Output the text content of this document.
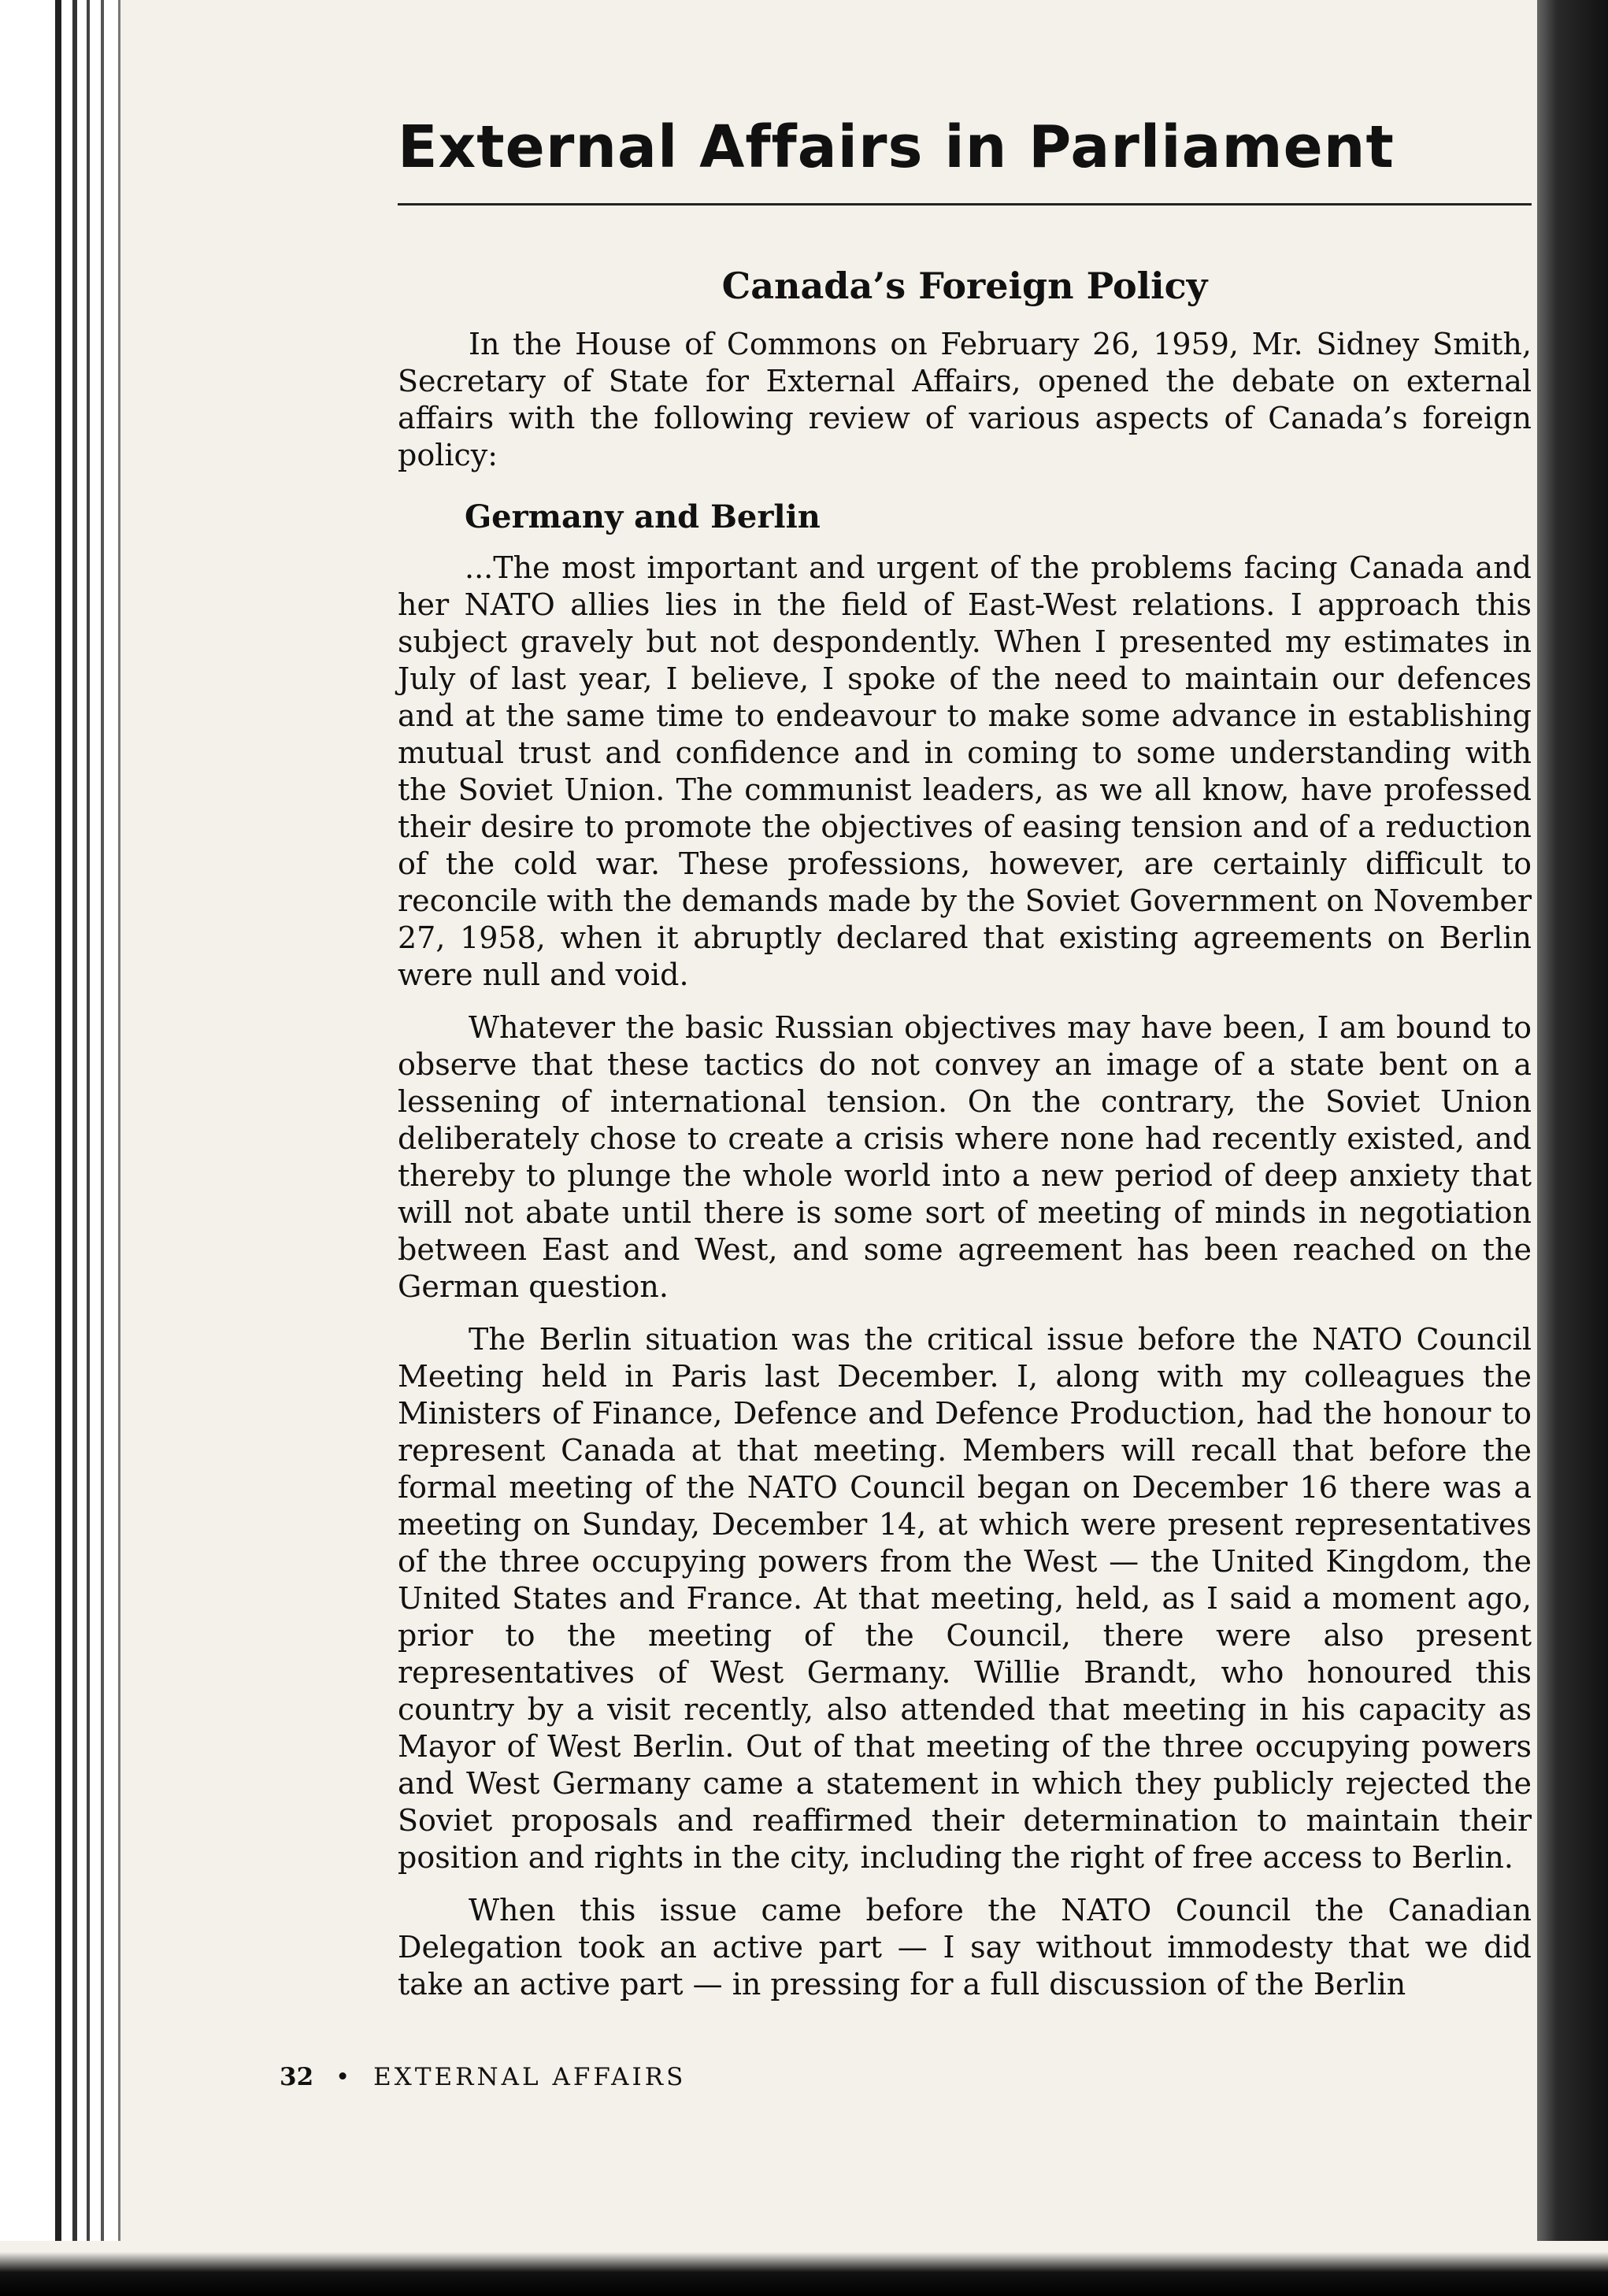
External Affairs in Parliament
Canada’s Foreign Policy

In the House of Commons on February 26, 1959, Mr. Sidney Smith, Secretary of State for External Affairs, opened the debate on external affairs with the following review of various aspects of Canada’s foreign policy:

Germany and Berlin

...The most important and urgent of the problems facing Canada and her NATO allies lies in the field of East-West relations. I approach this subject gravely but not despondently. When I presented my estimates in July of last year, I believe, I spoke of the need to maintain our defences and at the same time to endeavour to make some advance in establishing mutual trust and confidence and in coming to some understanding with the Soviet Union. The communist leaders, as we all know, have professed their desire to promote the objectives of easing tension and of a reduction of the cold war. These professions, however, are certainly difficult to reconcile with the demands made by the Soviet Government on November 27, 1958, when it abruptly declared that existing agreements on Berlin were null and void.

Whatever the basic Russian objectives may have been, I am bound to observe that these tactics do not convey an image of a state bent on a lessening of international tension. On the contrary, the Soviet Union deliberately chose to create a crisis where none had recently existed, and thereby to plunge the whole world into a new period of deep anxiety that will not abate until there is some sort of meeting of minds in negotiation between East and West, and some agreement has been reached on the German question.

The Berlin situation was the critical issue before the NATO Council Meeting held in Paris last December. I, along with my colleagues the Ministers of Finance, Defence and Defence Production, had the honour to represent Canada at that meeting. Members will recall that before the formal meeting of the NATO Council began on December 16 there was a meeting on Sunday, December 14, at which were present representatives of the three occupying powers from the West — the United Kingdom, the United States and France. At that meeting, held, as I said a moment ago, prior to the meeting of the Council, there were also present representatives of West Germany. Willie Brandt, who honoured this country by a visit recently, also attended that meeting in his capacity as Mayor of West Berlin. Out of that meeting of the three occupying powers and West Germany came a statement in which they publicly rejected the Soviet proposals and reaffirmed their determination to maintain their position and rights in the city, including the right of free access to Berlin.

When this issue came before the NATO Council the Canadian Delegation took an active part — I say without immodesty that we did take an active part — in pressing for a full discussion of the Berlin

32 • EXTERNAL AFFAIRS
